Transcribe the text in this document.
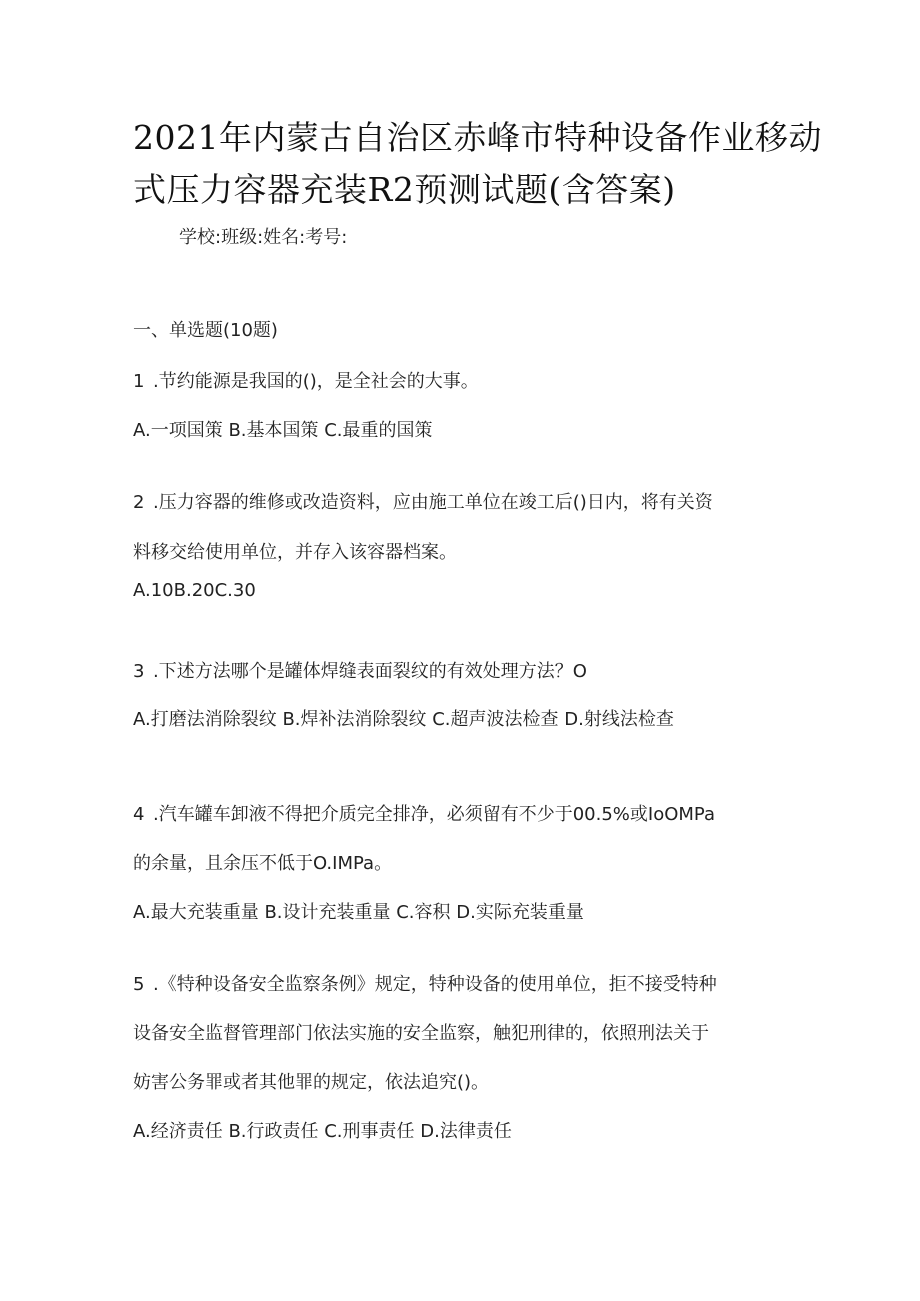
2021年内蒙古自治区赤峰市特种设备作业移动式压力容器充装R2预测试题(含答案)
学校:班级:姓名:考号:
一、单选题(10题)

1 .节约能源是我国的()，是全社会的大事。

A.一项国策 B.基本国策 C.最重的国策

2 .压力容器的维修或改造资料，应由施工单位在竣工后()日内，将有关资

料移交给使用单位，并存入该容器档案。

A.10B.20C.30

3 .下述方法哪个是罐体焊缝表面裂纹的有效处理方法？O

A.打磨法消除裂纹 B.焊补法消除裂纹 C.超声波法检查 D.射线法检查

4 .汽车罐车卸液不得把介质完全排净，必须留有不少于00.5%或IoOMPa

的余量，且余压不低于O.IMPa。

A.最大充装重量 B.设计充装重量 C.容积 D.实际充装重量

5 .《特种设备安全监察条例》规定，特种设备的使用单位，拒不接受特种

设备安全监督管理部门依法实施的安全监察，触犯刑律的，依照刑法关于

妨害公务罪或者其他罪的规定，依法追究()。

A.经济责任 B.行政责任 C.刑事责任 D.法律责任
